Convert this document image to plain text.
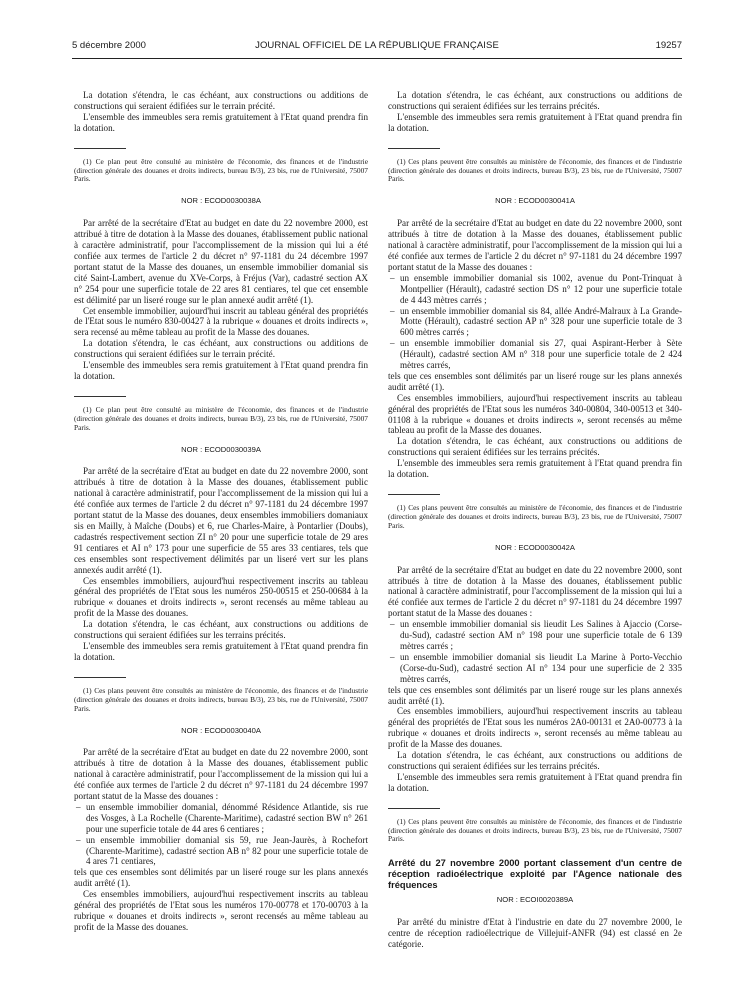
5 décembre 2000	JOURNAL OFFICIEL DE LA RÉPUBLIQUE FRANÇAISE	19257

La dotation s'étendra, le cas échéant, aux constructions ou additions de constructions qui seraient édifiées sur le terrain précité.

L'ensemble des immeubles sera remis gratuitement à l'Etat quand prendra fin la dotation.

(1) Ce plan peut être consulté au ministère de l'économie, des finances et de l'industrie (direction générale des douanes et droits indirects, bureau B/3), 23 bis, rue de l'Université, 75007 Paris.

NOR : ECOD0030038A

Par arrêté de la secrétaire d'Etat au budget en date du 22 novembre 2000, est attribué à titre de dotation à la Masse des douanes, établissement public national à caractère administratif, pour l'accomplissement de la mission qui lui a été confiée aux termes de l'article 2 du décret n° 97-1181 du 24 décembre 1997 portant statut de la Masse des douanes, un ensemble immobilier domanial sis cité Saint-Lambert, avenue du XVe-Corps, à Fréjus (Var), cadastré section AX n° 254 pour une superficie totale de 22 ares 81 centiares, tel que cet ensemble est délimité par un liseré rouge sur le plan annexé audit arrêté (1).

Cet ensemble immobilier, aujourd'hui inscrit au tableau général des propriétés de l'Etat sous le numéro 830-00427 à la rubrique « douanes et droits indirects », sera recensé au même tableau au profit de la Masse des douanes.

La dotation s'étendra, le cas échéant, aux constructions ou additions de constructions qui seraient édifiées sur le terrain précité.

L'ensemble des immeubles sera remis gratuitement à l'Etat quand prendra fin la dotation.

(1) Ce plan peut être consulté au ministère de l'économie, des finances et de l'industrie (direction générale des douanes et droits indirects, bureau B/3), 23 bis, rue de l'Université, 75007 Paris.

NOR : ECOD0030039A

Par arrêté de la secrétaire d'Etat au budget en date du 22 novembre 2000, sont attribués à titre de dotation à la Masse des douanes, établissement public national à caractère administratif, pour l'accomplissement de la mission qui lui a été confiée aux termes de l'article 2 du décret n° 97-1181 du 24 décembre 1997 portant statut de la Masse des douanes, deux ensembles immobiliers domaniaux sis en Mailly, à Maîche (Doubs) et 6, rue Charles-Maire, à Pontarlier (Doubs), cadastrés respectivement section ZI n° 20 pour une superficie totale de 29 ares 91 centiares et AI n° 173 pour une superficie de 55 ares 33 centiares, tels que ces ensembles sont respectivement délimités par un liseré vert sur les plans annexés audit arrêté (1).

Ces ensembles immobiliers, aujourd'hui respectivement inscrits au tableau général des propriétés de l'Etat sous les numéros 250-00515 et 250-00684 à la rubrique « douanes et droits indirects », seront recensés au même tableau au profit de la Masse des douanes.

La dotation s'étendra, le cas échéant, aux constructions ou additions de constructions qui seraient édifiées sur les terrains précités.

L'ensemble des immeubles sera remis gratuitement à l'Etat quand prendra fin la dotation.

(1) Ces plans peuvent être consultés au ministère de l'économie, des finances et de l'industrie (direction générale des douanes et droits indirects, bureau B/3), 23 bis, rue de l'Université, 75007 Paris.

NOR : ECOD0030040A

Par arrêté de la secrétaire d'Etat au budget en date du 22 novembre 2000, sont attribués à titre de dotation à la Masse des douanes, établissement public national à caractère administratif, pour l'accomplissement de la mission qui lui a été confiée aux termes de l'article 2 du décret n° 97-1181 du 24 décembre 1997 portant statut de la Masse des douanes :

– un ensemble immobilier domanial, dénommé Résidence Atlantide, sis rue des Vosges, à La Rochelle (Charente-Maritime), cadastré section BW n° 261 pour une superficie totale de 44 ares 6 centiares ;
– un ensemble immobilier domanial sis 59, rue Jean-Jaurès, à Rochefort (Charente-Maritime), cadastré section AB n° 82 pour une superficie totale de 4 ares 71 centiares,

tels que ces ensembles sont délimités par un liseré rouge sur les plans annexés audit arrêté (1).

Ces ensembles immobiliers, aujourd'hui respectivement inscrits au tableau général des propriétés de l'Etat sous les numéros 170-00778 et 170-00703 à la rubrique « douanes et droits indirects », seront recensés au même tableau au profit de la Masse des douanes.

La dotation s'étendra, le cas échéant, aux constructions ou additions de constructions qui seraient édifiées sur les terrains précités.

L'ensemble des immeubles sera remis gratuitement à l'Etat quand prendra fin la dotation.

(1) Ces plans peuvent être consultés au ministère de l'économie, des finances et de l'industrie (direction générale des douanes et droits indirects, bureau B/3), 23 bis, rue de l'Université, 75007 Paris.

NOR : ECOD0030041A

Par arrêté de la secrétaire d'Etat au budget en date du 22 novembre 2000, sont attribués à titre de dotation à la Masse des douanes, établissement public national à caractère administratif, pour l'accomplissement de la mission qui lui a été confiée aux termes de l'article 2 du décret n° 97-1181 du 24 décembre 1997 portant statut de la Masse des douanes :

– un ensemble immobilier domanial sis 1002, avenue du Pont-Trinquat à Montpellier (Hérault), cadastré section DS n° 12 pour une superficie totale de 4 443 mètres carrés ;
– un ensemble immobilier domanial sis 84, allée André-Malraux à La Grande-Motte (Hérault), cadastré section AP n° 328 pour une superficie totale de 3 600 mètres carrés ;
– un ensemble immobilier domanial sis 27, quai Aspirant-Herber à Sète (Hérault), cadastré section AM n° 318 pour une superficie totale de 2 424 mètres carrés,

tels que ces ensembles sont délimités par un liseré rouge sur les plans annexés audit arrêté (1).

Ces ensembles immobiliers, aujourd'hui respectivement inscrits au tableau général des propriétés de l'Etat sous les numéros 340-00804, 340-00513 et 340-01108 à la rubrique « douanes et droits indirects », seront recensés au même tableau au profit de la Masse des douanes.

La dotation s'étendra, le cas échéant, aux constructions ou additions de constructions qui seraient édifiées sur les terrains précités.

L'ensemble des immeubles sera remis gratuitement à l'Etat quand prendra fin la dotation.

(1) Ces plans peuvent être consultés au ministère de l'économie, des finances et de l'industrie (direction générale des douanes et droits indirects, bureau B/3), 23 bis, rue de l'Université, 75007 Paris.

NOR : ECOD0030042A

Par arrêté de la secrétaire d'Etat au budget en date du 22 novembre 2000, sont attribués à titre de dotation à la Masse des douanes, établissement public national à caractère administratif, pour l'accomplissement de la mission qui lui a été confiée aux termes de l'article 2 du décret n° 97-1181 du 24 décembre 1997 portant statut de la Masse des douanes :

– un ensemble immobilier domanial sis lieudit Les Salines à Ajaccio (Corse-du-Sud), cadastré section AM n° 198 pour une superficie totale de 6 139 mètres carrés ;
– un ensemble immobilier domanial sis lieudit La Marine à Porto-Vecchio (Corse-du-Sud), cadastré section AI n° 134 pour une superficie de 2 335 mètres carrés,

tels que ces ensembles sont délimités par un liseré rouge sur les plans annexés audit arrêté (1).

Ces ensembles immobiliers, aujourd'hui respectivement inscrits au tableau général des propriétés de l'Etat sous les numéros 2A0-00131 et 2A0-00773 à la rubrique « douanes et droits indirects », seront recensés au même tableau au profit de la Masse des douanes.

La dotation s'étendra, le cas échéant, aux constructions ou additions de constructions qui seraient édifiées sur les terrains précités.

L'ensemble des immeubles sera remis gratuitement à l'Etat quand prendra fin la dotation.

(1) Ces plans peuvent être consultés au ministère de l'économie, des finances et de l'industrie (direction générale des douanes et droits indirects, bureau B/3), 23 bis, rue de l'Université, 75007 Paris.

Arrêté du 27 novembre 2000 portant classement d'un centre de réception radioélectrique exploité par l'Agence nationale des fréquences

NOR : ECOI0020389A

Par arrêté du ministre d'Etat à l'industrie en date du 27 novembre 2000, le centre de réception radioélectrique de Villejuif-ANFR (94) est classé en 2e catégorie.
